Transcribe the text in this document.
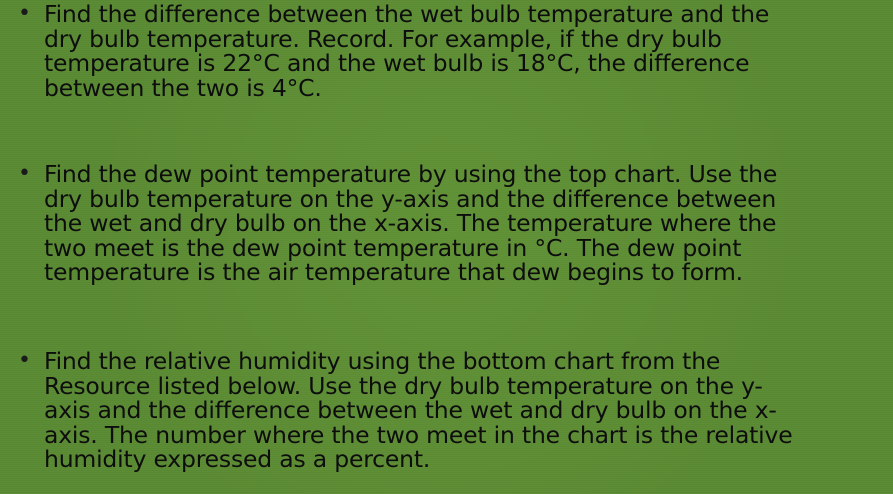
• Find the difference between the wet bulb temperature and the
dry bulb temperature. Record. For example, if the dry bulb
temperature is 22°C and the wet bulb is 18°C, the difference
between the two is 4°C.
• Find the dew point temperature by using the top chart. Use the
dry bulb temperature on the y-axis and the difference between
the wet and dry bulb on the x-axis. The temperature where the
two meet is the dew point temperature in °C. The dew point
temperature is the air temperature that dew begins to form.
• Find the relative humidity using the bottom chart from the
Resource listed below. Use the dry bulb temperature on the y-
axis and the difference between the wet and dry bulb on the x-
axis. The number where the two meet in the chart is the relative
humidity expressed as a percent.
